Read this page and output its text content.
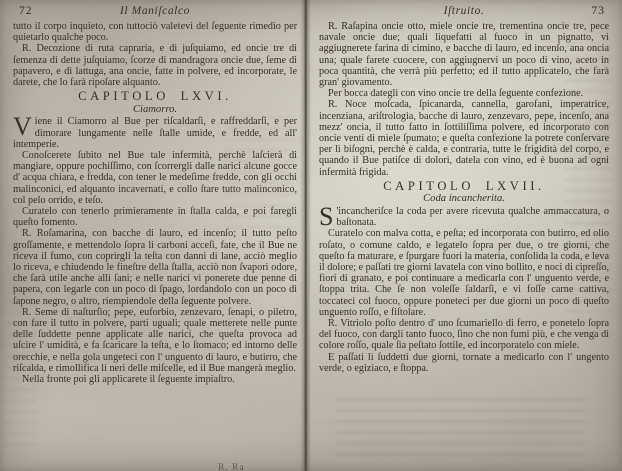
72	Il Maniſcalco

tutto il corpo inquieto, con tuttociò valetevi del ſeguente rimedio per quietarlo qualche poco.

R. Decozione di ruta capraria, e di juſquiamo, ed oncie tre di ſemenza di dette juſquiamo, ſcorze di mandragora oncie due, ſeme di papavero, e di lattuga, ana oncie, fatte in polvere, ed incorporate, le darete, che lo farà ripoſare alquanto.

CAPITOLO LXVI.

Ciamorro.

Viene il Ciamorro al Bue per riſcaldarſi, e raffreddarſi, e per dimorare lungamente nelle ſtalle umide, e fredde, ed all' intemperie.

Conoſcerete ſubito nel Bue tale infermità, perchè laſcierà di mangiare, oppure pochiſſimo, con ſcorrergli dalle narici alcune gocce d' acqua chiara, e fredda, con tener le medeſime fredde, con gli occhi malinconici, ed alquanto incavernati, e collo ſtare tutto malinconico, col pelo orrido, e teſo.

Curatelo con tenerlo primieramente in ſtalla calda, e poi faregli queſto fomento.

R. Roſamarina, con bacche di lauro, ed incenſo; il tutto peſto groſſamente, e mettendolo ſopra li carboni acceſi, fate, che il Bue ne riceva il fumo, con coprirgli la teſta con danni di lane, acciò meglio lo riceva, e chiudendo le fineſtre della ſtalla, acciò non ſvapori odore, che ſarà utile anche alli ſani; e nelle narici vi ponerete due penne di papera, con legarle con un poco di ſpago, lordandolo con un poco di ſapone negro, o altro, riempiendole della ſeguente polvere.

R. Seme di naſturſio; pepe, euforbio, zenzevaro, ſenapi, o piletro, con fare il tutto in polvere, parti uguali; quale metterete nelle punte delle ſuddette penne applicate alle narici, che queſta provoca ad uſcire l' umidità, e fa ſcaricare la teſta, e lo ſtomaco; ed intorno delle orecchie, e nella gola ungeteci con l' unguento di lauro, e butirro, che riſcalda, e rimollifica li neri delle miſcelle, ed il Bue mangerà meglio.

Nella fronte poi gli applicarete il ſeguente impiaſtro.

73
Iſtruito.

R. Raſapina oncie otto, miele oncie tre, trementina oncie tre, pece navale oncie due; quali liquefatti al fuoco in un pignatto, vi aggiugnerete farina di cimino, e bacche di lauro, ed incenſo, ana oncia una; quale farete cuocere, con aggiugnervi un poco di vino, aceto in poca quantità, che verrà più perfetto; ed il tutto applicatelo, che farà gran' giovamento.

Per bocca dategli con vino oncie tre della ſeguente confezione.

R. Noce moſcada, ſpicanarda, cannella, garofani, imperatrice, incenziana, ariſtrologia, bacche di lauro, zenzevaro, pepe, incenſo, ana mezz' oncia, il tutto fatto in ſottiliſſima polvere, ed incorporato con oncie venti di miele ſpumato; e queſta confezione la potrete conſervare per li biſogni, perchè è calda, e contraria, tutte le frigidità del corpo, e quando il Bue patiſce di dolori, datela con vino, ed è buona ad ogni infermità frigida.

CAPITOLO LXVII.

Coda incancherita.

S 'incancheriſce la coda per avere ricevuta qualche ammaccatura, o baſtonata.

Curatelo con malva cotta, e peſta; ed incorporata con butirro, ed olio roſato, o comune caldo, e legatelo ſopra per due, o tre giorni, che queſto fa maturare, e ſpurgare fuori la materia, conſolida la coda, e leva il dolore; e paſſati tre giorni lavatela con vino bollito, e noci di cipreſſo, fiori di granato, e poi continuare a medicarla con l' unguento verde, e ſtoppa trita. Che ſe non voleſſe ſaldarſi, e vi foſſe carne cattiva, toccateci col fuoco, oppure poneteci per due giorni un poco di queſto unguento roſſo, e fiſtolare.

R. Vitriolo poſto dentro d' uno ſcumariello di ferro, e ponetelo ſopra del fuoco, con dargli tanto fuoco, ſino che non fumi più, e che venga di colore roſſo, quale ſia peſtato ſottile, ed incorporatelo con miele.

E paſſati li ſuddetti due giorni, tornate a medicarlo con l' ungento verde, o egiziaco, e ſtoppa.

R. Ra
